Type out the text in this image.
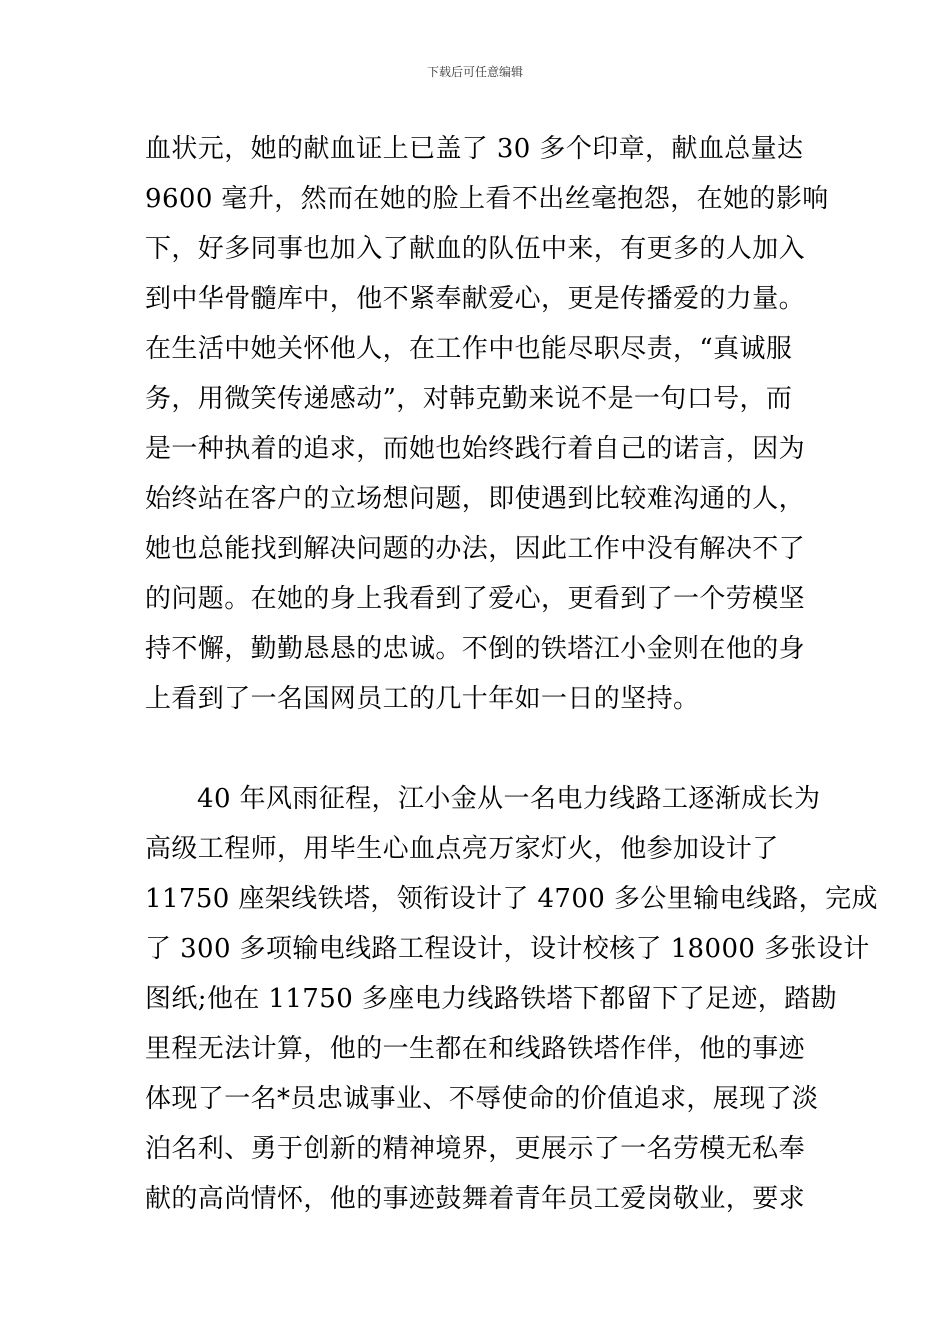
下载后可任意编辑
血状元，她的献血证上已盖了 30 多个印章，献血总量达
9600 毫升，然而在她的脸上看不出丝毫抱怨，在她的影响
下，好多同事也加入了献血的队伍中来，有更多的人加入
到中华骨髓库中，他不紧奉献爱心，更是传播爱的力量。
在生活中她关怀他人，在工作中也能尽职尽责，“真诚服
务，用微笑传递感动”，对韩克勤来说不是一句口号，而
是一种执着的追求，而她也始终践行着自己的诺言，因为
始终站在客户的立场想问题，即使遇到比较难沟通的人，
她也总能找到解决问题的办法，因此工作中没有解决不了
的问题。在她的身上我看到了爱心，更看到了一个劳模坚
持不懈，勤勤恳恳的忠诚。不倒的铁塔江小金则在他的身
上看到了一名国网员工的几十年如一日的坚持。
40 年风雨征程，江小金从一名电力线路工逐渐成长为
高级工程师，用毕生心血点亮万家灯火，他参加设计了
11750 座架线铁塔，领衔设计了 4700 多公里输电线路，完成
了 300 多项输电线路工程设计，设计校核了 18000 多张设计
图纸;他在 11750 多座电力线路铁塔下都留下了足迹，踏勘
里程无法计算，他的一生都在和线路铁塔作伴，他的事迹
体现了一名*员忠诚事业、不辱使命的价值追求，展现了淡
泊名利、勇于创新的精神境界，更展示了一名劳模无私奉
献的高尚情怀，他的事迹鼓舞着青年员工爱岗敬业，要求
